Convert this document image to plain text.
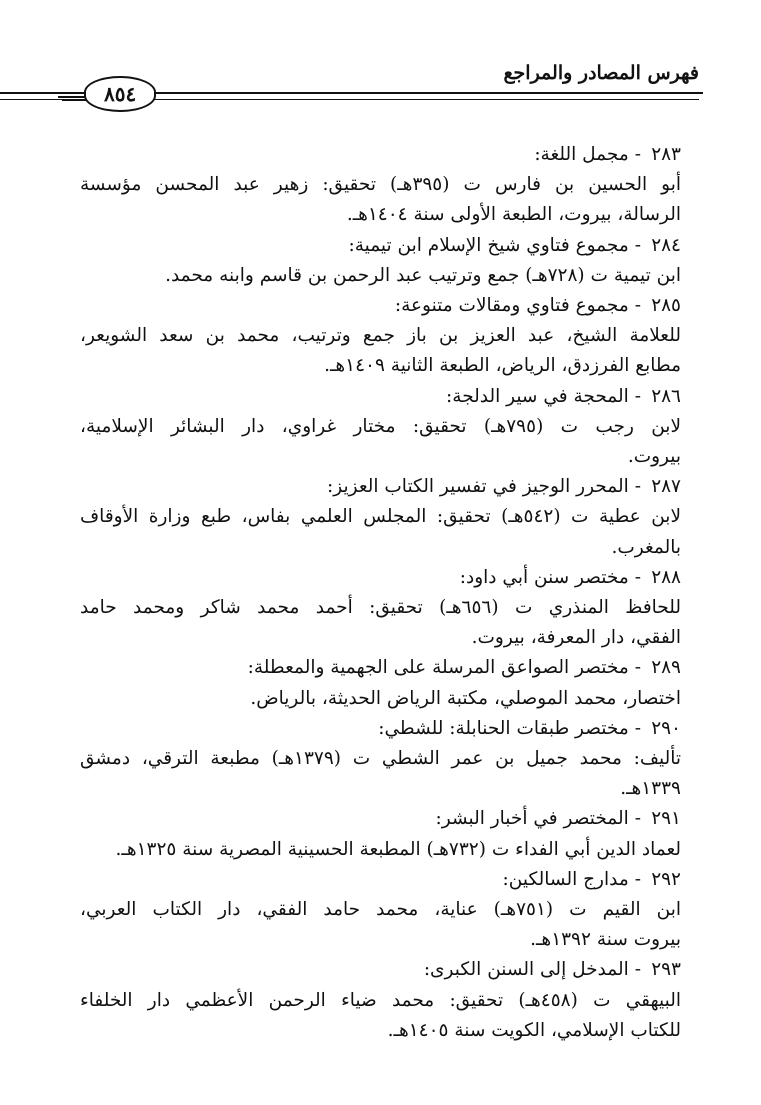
فهرس المصادر والمراجع
٨٥٤
٢٨٣-مجمل اللغة:
أبو الحسين بن فارس ت (٣٩٥هـ) تحقيق: زهير عبد المحسن مؤسسة
الرسالة، بيروت، الطبعة الأولى سنة ١٤٠٤هـ.
٢٨٤-مجموع فتاوي شيخ الإسلام ابن تيمية:
ابن تيمية ت (٧٢٨هـ) جمع وترتيب عبد الرحمن بن قاسم وابنه محمد.
٢٨٥-مجموع فتاوي ومقالات متنوعة:
للعلامة الشيخ، عبد العزيز بن باز جمع وترتيب، محمد بن سعد الشويعر،
مطابع الفرزدق، الرياض، الطبعة الثانية ١٤٠٩هـ.
٢٨٦-المحجة في سير الدلجة:
لابن رجب ت (٧٩٥هـ) تحقيق: مختار غراوي، دار البشائر الإسلامية،
بيروت.
٢٨٧-المحرر الوجيز في تفسير الكتاب العزيز:
لابن عطية ت (٥٤٢هـ) تحقيق: المجلس العلمي بفاس، طبع وزارة الأوقاف
بالمغرب.
٢٨٨-مختصر سنن أبي داود:
للحافظ المنذري ت (٦٥٦هـ) تحقيق: أحمد محمد شاكر ومحمد حامد
الفقي، دار المعرفة، بيروت.
٢٨٩-مختصر الصواعق المرسلة على الجهمية والمعطلة:
اختصار، محمد الموصلي، مكتبة الرياض الحديثة، بالرياض.
٢٩٠-مختصر طبقات الحنابلة: للشطي:
تأليف: محمد جميل بن عمر الشطي ت (١٣٧٩هـ) مطبعة الترقي، دمشق
١٣٣٩هـ.
٢٩١-المختصر في أخبار البشر:
لعماد الدين أبي الفداء ت (٧٣٢هـ) المطبعة الحسينية المصرية سنة ١٣٢٥هـ.
٢٩٢-مدارج السالكين:
ابن القيم ت (٧٥١هـ) عناية، محمد حامد الفقي، دار الكتاب العربي،
بيروت سنة ١٣٩٢هـ.
٢٩٣-المدخل إلى السنن الكبرى:
البيهقي ت (٤٥٨هـ) تحقيق: محمد ضياء الرحمن الأعظمي دار الخلفاء
للكتاب الإسلامي، الكويت سنة ١٤٠٥هـ.
